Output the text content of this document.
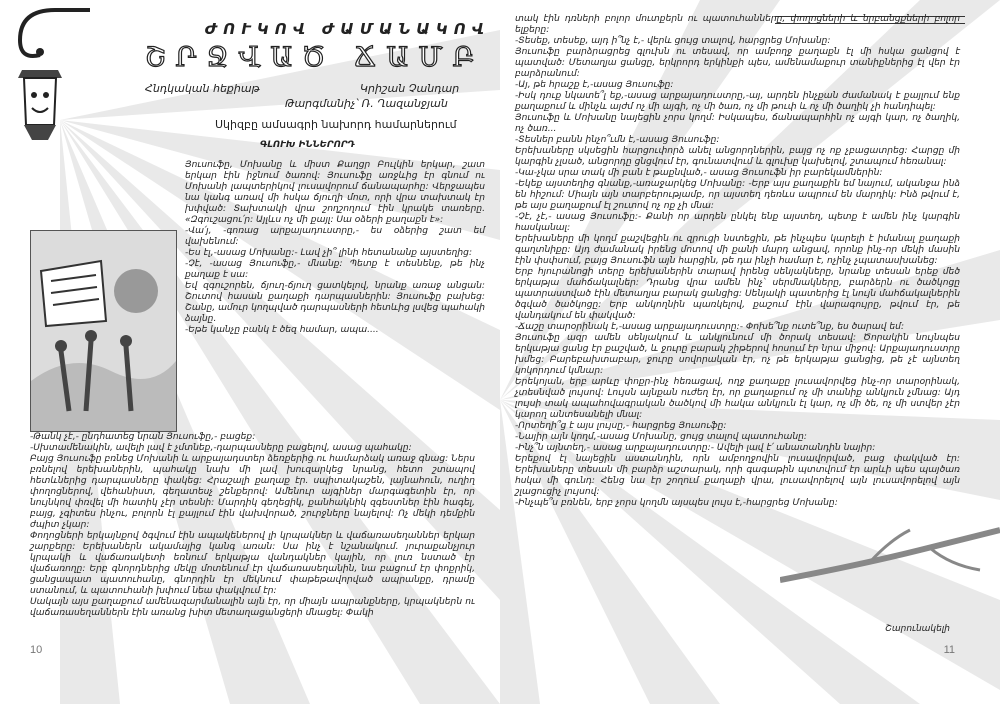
ԺՈՒԿՈՎ ԺԱՄԱՆԱԿՈՎ
ՇՐՋՎԱԾ ՃԱՄԲ
Հնդկական հեքիաթ	Կրիշան Չանդար
Թարգմանիչ՝ Ռ. Ղազանջյան
Սկիզբը ամսագրի նախորդ համարներում
ԳԼՈՒԽ ԻՆՆԵՐՈՐԴ

Յուսուֆը, Մոխանը և միստ Քաղցր Բուլկին երկար, շատ երկար էին իջնում ծառով: Յուսուֆը առջևից էր գնում ու Մոխանի լապտերիկով լուսավորում ճանապարհը: Վերջապես նա կանգ առավ մի հսկա ճյուղի մոտ, որի վրա տախտակ էր խփված: Տախտակի վրա շողշողում էին կրակե տառերը. «Զգուշացու՛ր: Այլևս ոչ մի քայլ: Սա օձերի քաղաքն է»:

-Վա՛յ, -գոռաց արքայադուստրը,- ես օձերից շատ եմ վախենում:

-Ես էլ,-ասաց Մոխանը:- Լավ չի՞ լինի հետանանք այստեղից:

-Չէ, -ասաց Յուսուֆը,- մնանք: Պետք է տեսնենք, թե ինչ քաղաք է սա:

Եվ զգուշորեն, ճյուղ-ճյուղ ցատկելով, նրանք առաջ անցան: Շուտով հասան քաղաքի դարպասներին: Յուսուֆը բախեց: Շանը, ամուր կողպված դարպասների հետևից լսվեց պահակի ձայնը.

-Եթե կանչը բանկ է ծեզ համար, ապա....

-Թանկ չէ,- ընդհատեց նրան Յուսուֆը,- բացեք:

-Սխտամենակին, ավելի լավ է չմտնեք,-դարպասները բացելով, ասաց պահակը:

Բայց Յուսուֆը բռնեց Մոխանի և արքայադստեր ձեռքերից ու համարձակ առաջ գնաց: Ներս բռնելով երեխաներին, պահակը նախ մի լավ խուզարկեց նրանց, հետո շտապով հետևներից դարպասները փակեց: Հրաշալի քաղաք էր. սպիտակաշեն, լայնահուն, ուղիղ փողոցներով, վեհանիստ, գեղատեսչ շենքերով: Ամենուր այգիներ մարգագետին էր, որ նույնկով փռվել մի հատիկ չէր տեսնի: Մարդիկ գեղեցիկ, քանհակնիկ զգեստներ էին հագել, բայց, չգիտես ինչու, բոլորն էլ քայլում էին վախվորած, շուրջները նայելով: Ոչ մեկի դեմքին ժպիտ չկար:

Փողոցների երկայնքով ծգվում էին ապակեներով լի կրպակներ և վաճառասեղաններ երկար շարքերը: Երեխաներն ակամայից կանգ առան: Սա ինչ է նշանակում. յուրաքանչյուր կրպակի և վաճառակետի եռնում երկաթյա վանդակներ կային, որ լուռ նստած էր վաճառողը: Երբ գնորդներից մեկը մոտենում էր վաճառասեղանին, նա բացում էր փոքրիկ, ցանցապատ պատուհանը, գնորդին էր մեկնում փաթեթավորված ապրանքը, դրամը ստանում, և պատուհանի խփում նեա փակվում էր:

Սակայն այս քաղաքում ամենազարմանալին այն էր, որ միայն ապրանքները, կրպակներն ու վաճառասեղաններն էին առանց խիտ մետաղացանցերի մնացել: Փակի

10

տակ էին դռների բոլոր մուտքերն ու պատուհանները, փողոցների և նրբանցքների բոլոր ելքերը:

-Տեսեք, տեսեք, այդ ի՞նչ է,- վերև ցույց տալով, հարցրեց Մոխանը:

Յուսուֆը բարձրացրեց գլուխն ու տեսավ, որ ամբողջ քաղաքն էլ մի հսկա ցանցով է պատված: Մետաղյա ցանցը, երկրորդ երկինքի պես, ամենամաքուր տանիքներից էլ վեր էր բարձրանում:

-Այ, թե հրաշք է,-ասաց Յուսուֆը:

-Իսկ դուք նկատե՞լ եք,-ասաց արքայադուստրը,-այ, արդեն ինչքան ժամանակ է քայլում ենք քաղաքում և մինչև այժմ ոչ մի այգի, ոչ մի ծառ, ոչ մի թուփ և ոչ մի ծաղիկ չի հանդիպել:

Յուսուֆը և Մոխանը նայեցին չորս կողմ: Իսկապես, ճանապարհին ոչ այգի կար, ոչ ծաղիկ, ոչ ծառ...

-Տեսներ բանն ինչո՞ւմն է,-ասաց Յուսուֆը:

Երեխաները սկսեցին հարցուփորձ անել անցորդներին, բայց ոչ ոք չբացատրեց: Հարցը մի կարգին չլսած, անցորդը ցնցվում էր, գունատվում և գլուխը կախելով, շտապում հեռանալ:

-Կա-չկա սրա տակ մի բան է թաքնված,- ասաց Յուսուֆն իր բարեկամներին:

-Եկեք այստեղից գնանք,-առաջարկեց Մոխանը: -Երբ այս քաղաքին եմ նայում, ականջա ինձ են հիշում: Միայն այն տարբերությամբ, որ այստեղ դեռևս ապրում են մարդիկ: Ինձ թվում է, թե այս քաղաքում էլ շուտով ոչ ոք չի մնա:

-Չէ, չէ,- ասաց Յուսուֆը:- Քանի որ արդեն ընկել ենք այստեղ, պետք է ամեն ինչ կարգին հասկանալ:

Երեխաները մի կողմ քաշվեցին ու զրուցի նստեցին, թե ինչպես կարելի է իմանալ քաղաքի գաղտնիքը: Այդ ժամանակ իրենց մոտով մի քանի մարդ անցավ, որոնք ինչ-որ մեկի մասին էին փսփսում, բայց Յուսուֆն այն հարցին, թե դա ինչի համար է, ոչինչ չպատասխանեց:

Երբ հյուրանոցի տերը երեխաներին տարավ իրենց սենյակները, նրանք տեսան երեք մեծ երկաթյա մահճակալներ: Դրանց վրա ամեն ինչ՝ սերմնակները, բարձերն ու ծածկոցը պատրաստված էին մետաղյա բարակ ցանցից: Սենյակի պատերից էլ նույն մահճակալներին ծգված ծածկոցը: Երբ անկողնին պառկելով, քաշում էին վարագույրը, թվում էր, թե վանդակում են փակված:

-Ճաշը տարօրինակ է,-ասաց արքայադուստրը:- Փոխե՞նք ուտե՞նք, ես ծարավ եմ:

Յուսուֆը ազր ամեն սենյակում և անկյունում մի ծորակ տեսավ: Ծորակին նույնպես երկաթյա ցանց էր քաշված, և ջուրը բարակ շիթերով հոսում էր նրա միջով: Արքայադուստրը խմեց: Բարեբախտաբար, ջուրը սովորական էր, ոչ թե երկաթյա ցանցից, թե չէ այնտեղ կոկորդում կմնար:

Երեկոյան, երբ արևը փոքր-ինչ հեռացավ, ողջ քաղաքը լուսավորվեց ինչ-որ տարօրինակ, չտեսնված լույսով: Լույսն այնքան ուժեղ էր, որ քաղաքում ոչ մի տանիք անկյուն չմնաց: Այդ լույսի տակ ապահովագրական ծածկով մի հակա անկյուն էլ կար, ոչ մի ծե, ոչ մի ստվեր չէր կարող անտեսանելի մնալ:

-Որտեղի՞ց է այս լույսը,- հարցրեց Յուսուֆը:

-Նայիր այն կողմ,-ասաց Մոխանը, ցույց տալով պատուհանը:

-Ինչ՞ն այնտեղ,- ասաց արքայադուստրը:- Ավելի լավ է՛ անատանդին նայիր:

Երեքով էլ նայեցին աստանդին, որն ամբողջովին լուսավորված, բաց փակված էր: Երեխաները տեսան մի բարձր աշտարակ, որի գագաթին պտտվում էր արևի պես պայծառ հսկա մի գունդ: Հենց նա էր շողում քաղաքի վրա, լուսավորելով այն լուսավորելով այն շլացուցիչ լույսով:

-Ինչպե՞ս բռնեն, երբ չորս կողմն այսպես լույս է,-հարցրեց Մոխանը:

Շարունակելի
11
